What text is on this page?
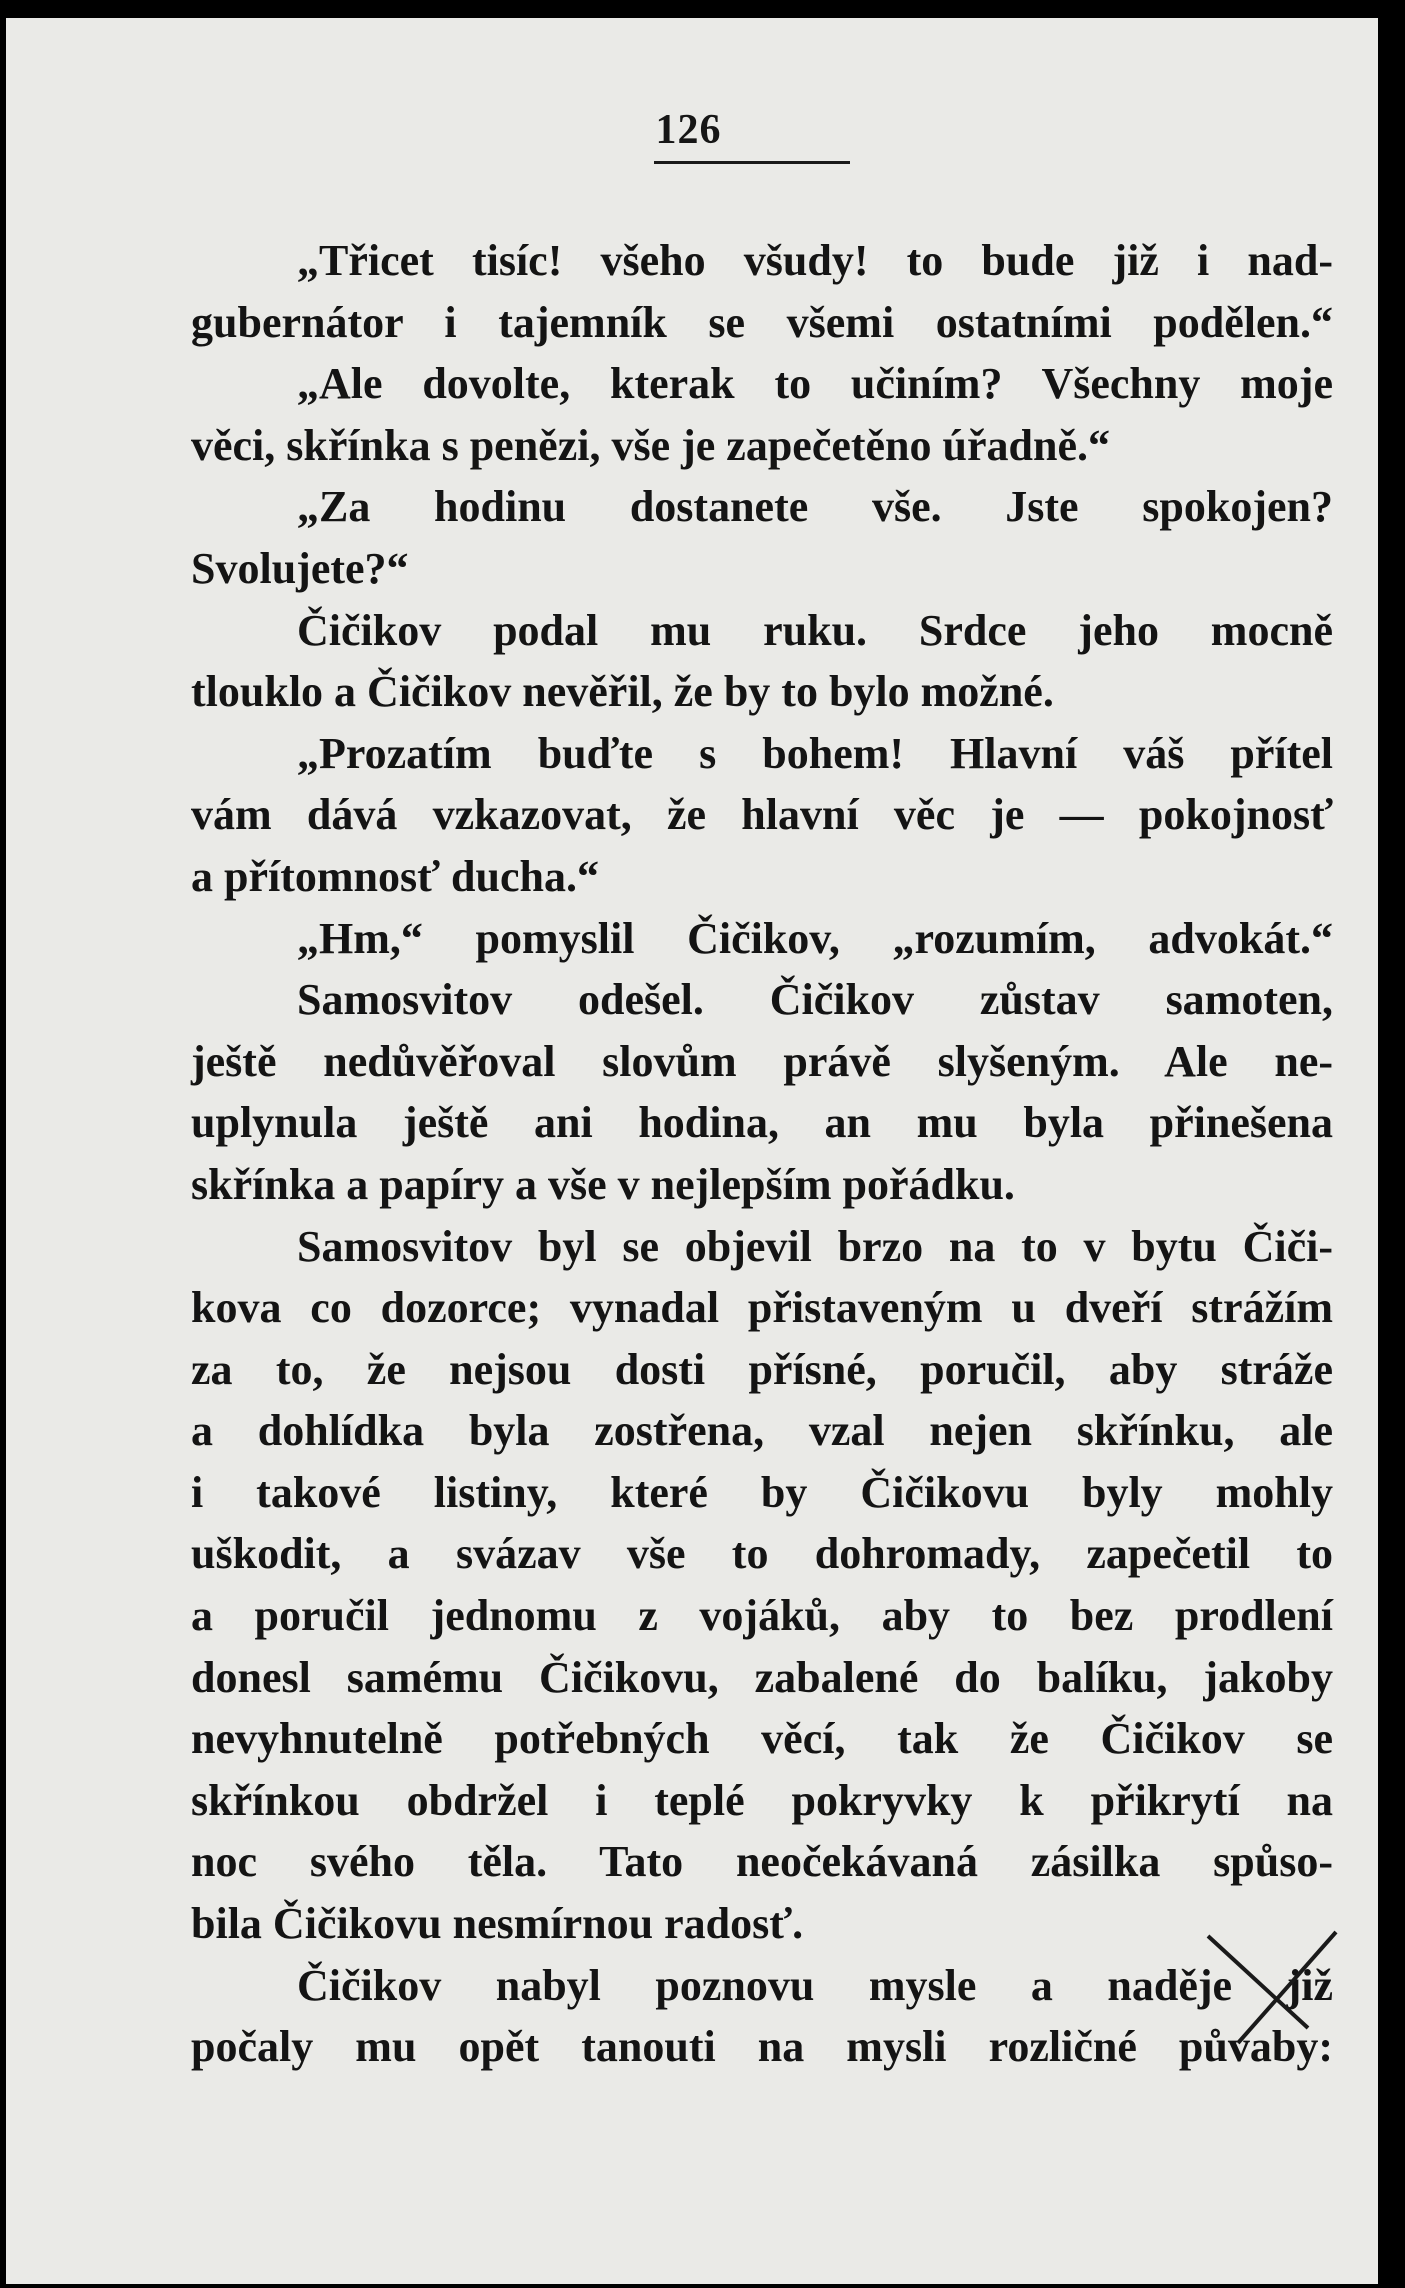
126
„Třicet tisíc! všeho všudy! to bude již i nad-
gubernátor i tajemník se všemi ostatními podělen.“
„Ale dovolte, kterak to učiním? Všechny moje
věci, skřínka s penězi, vše je zapečetěno úřadně.“
„Za hodinu dostanete vše. Jste spokojen?
Svolujete?“
Čičikov podal mu ruku. Srdce jeho mocně
tlouklo a Čičikov nevěřil, že by to bylo možné.
„Prozatím buďte s bohem! Hlavní váš přítel
vám dává vzkazovat, že hlavní věc je — pokojnosť
a přítomnosť ducha.“
„Hm,“ pomyslil Čičikov, „rozumím, advokát.“
Samosvitov odešel. Čičikov zůstav samoten,
ještě nedůvěřoval slovům právě slyšeným. Ale ne-
uplynula ještě ani hodina, an mu byla přinešena
skřínka a papíry a vše v nejlepším pořádku.
Samosvitov byl se objevil brzo na to v bytu Čiči-
kova co dozorce; vynadal přistaveným u dveří strážím
za to, že nejsou dosti přísné, poručil, aby stráže
a dohlídka byla zostřena, vzal nejen skřínku, ale
i takové listiny, které by Čičikovu byly mohly
uškodit, a svázav vše to dohromady, zapečetil to
a poručil jednomu z vojáků, aby to bez prodlení
donesl samému Čičikovu, zabalené do balíku, jakoby
nevyhnutelně potřebných věcí, tak že Čičikov se
skřínkou obdržel i teplé pokryvky k přikrytí na
noc svého těla. Tato neočekávaná zásilka spůso-
bila Čičikovu nesmírnou radosť.
Čičikov nabyl poznovu mysle a naděje již
počaly mu opět tanouti na mysli rozličné půvaby:
